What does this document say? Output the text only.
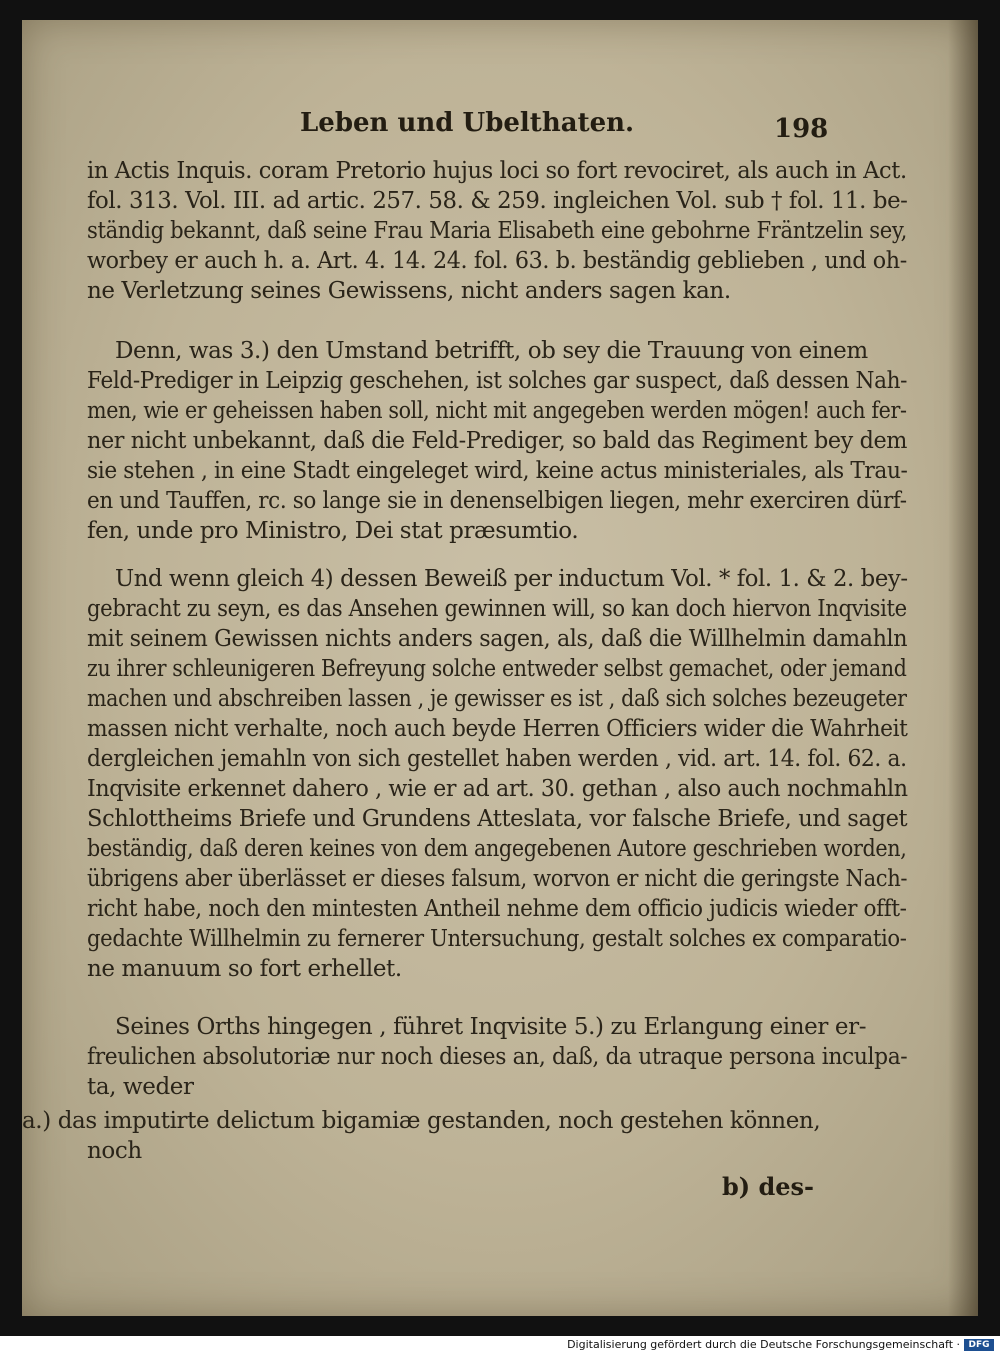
Leben und Ubelthaten.	198
in Actis Inquis. coram Pretorio hujus loci so fort revociret, als auch in Act.
fol. 313. Vol. III. ad artic. 257. 58. & 259. ingleichen Vol. sub † fol. 11. be-
ständig bekannt, daß seine Frau Maria Elisabeth eine gebohrne Fräntzelin sey,
worbey er auch h. a. Art. 4. 14. 24. fol. 63. b. beständig geblieben , und oh-
ne Verletzung seines Gewissens, nicht anders sagen kan.
Denn, was 3.) den Umstand betrifft, ob sey die Trauung von einem
Feld-Prediger in Leipzig geschehen, ist solches gar suspect, daß dessen Nah-
men, wie er geheissen haben soll, nicht mit angegeben werden mögen! auch fer-
ner nicht unbekannt, daß die Feld-Prediger, so bald das Regiment bey dem
sie stehen , in eine Stadt eingeleget wird, keine actus ministeriales, als Trau-
en und Tauffen, rc. so lange sie in denenselbigen liegen, mehr exerciren dürf-
fen, unde pro Ministro, Dei stat præsumtio.
Und wenn gleich 4) dessen Beweiß per inductum Vol. * fol. 1. & 2. bey-
gebracht zu seyn, es das Ansehen gewinnen will, so kan doch hiervon Inqvisite
mit seinem Gewissen nichts anders sagen, als, daß die Willhelmin damahln
zu ihrer schleunigeren Befreyung solche entweder selbst gemachet, oder jemand
machen und abschreiben lassen , je gewisser es ist , daß sich solches bezeugeter
massen nicht verhalte, noch auch beyde Herren Officiers wider die Wahrheit
dergleichen jemahln von sich gestellet haben werden , vid. art. 14. fol. 62. a.
Inqvisite erkennet dahero , wie er ad art. 30. gethan , also auch nochmahln
Schlottheims Briefe und Grundens Atteslata, vor falsche Briefe, und saget
beständig, daß deren keines von dem angegebenen Autore geschrieben worden,
übrigens aber überlässet er dieses falsum, worvon er nicht die geringste Nach-
richt habe, noch den mintesten Antheil nehme dem officio judicis wieder offt-
gedachte Willhelmin zu fernerer Untersuchung, gestalt solches ex comparatio-
ne manuum so fort erhellet.
Seines Orths hingegen , führet Inqvisite 5.) zu Erlangung einer er-
freulichen absolutoriæ nur noch dieses an, daß, da utraque persona inculpa-
ta, weder
a.) das imputirte delictum bigamiæ gestanden, noch gestehen können,
noch
b) des-
Digitalisierung gefördert durch die Deutsche Forschungsgemeinschaft · DFG
